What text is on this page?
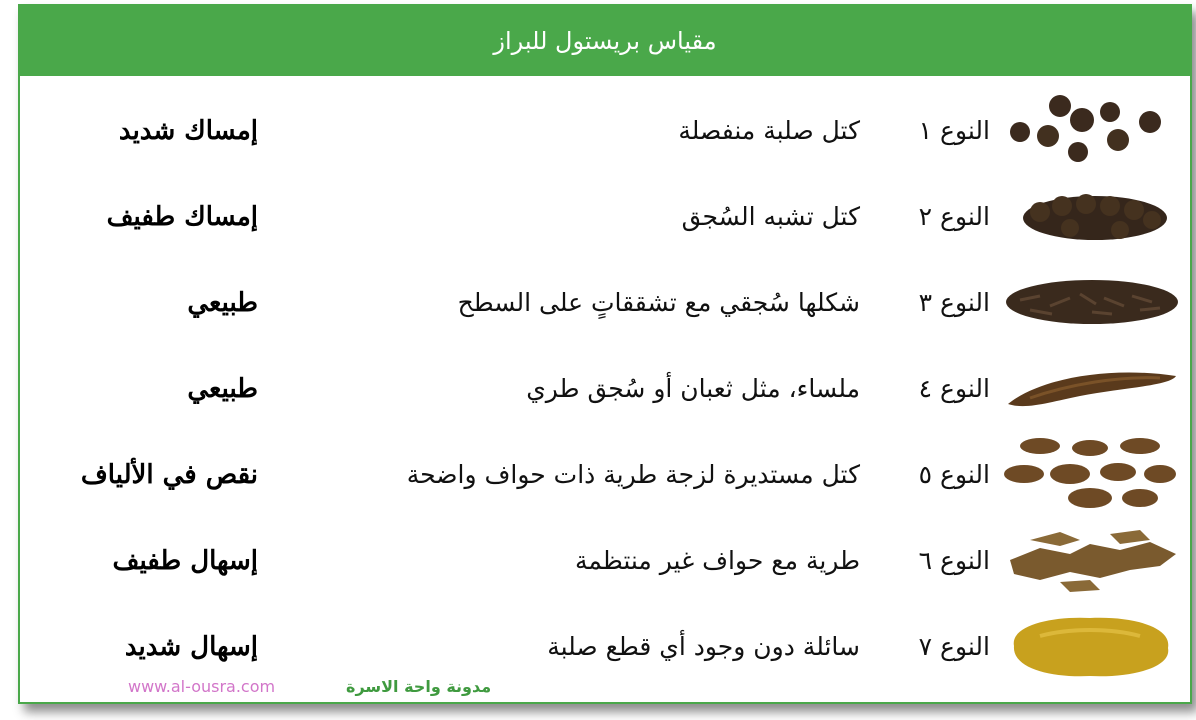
مقياس بريستول للبراز
النوع ١
كتل صلبة منفصلة
إمساك شديد
النوع ٢
كتل تشبه السُجق
إمساك طفيف
النوع ٣
شكلها سُجقي مع تشققاتٍ على السطح
طبيعي
النوع ٤
ملساء، مثل ثعبان أو سُجق طري
طبيعي
النوع ٥
كتل مستديرة لزجة طرية ذات حواف واضحة
نقص في الألياف
النوع ٦
طرية مع حواف غير منتظمة
إسهال طفيف
النوع ٧
سائلة دون وجود أي قطع صلبة
إسهال شديد
www.al-ousra.com	مدونة واحة الاسرة
